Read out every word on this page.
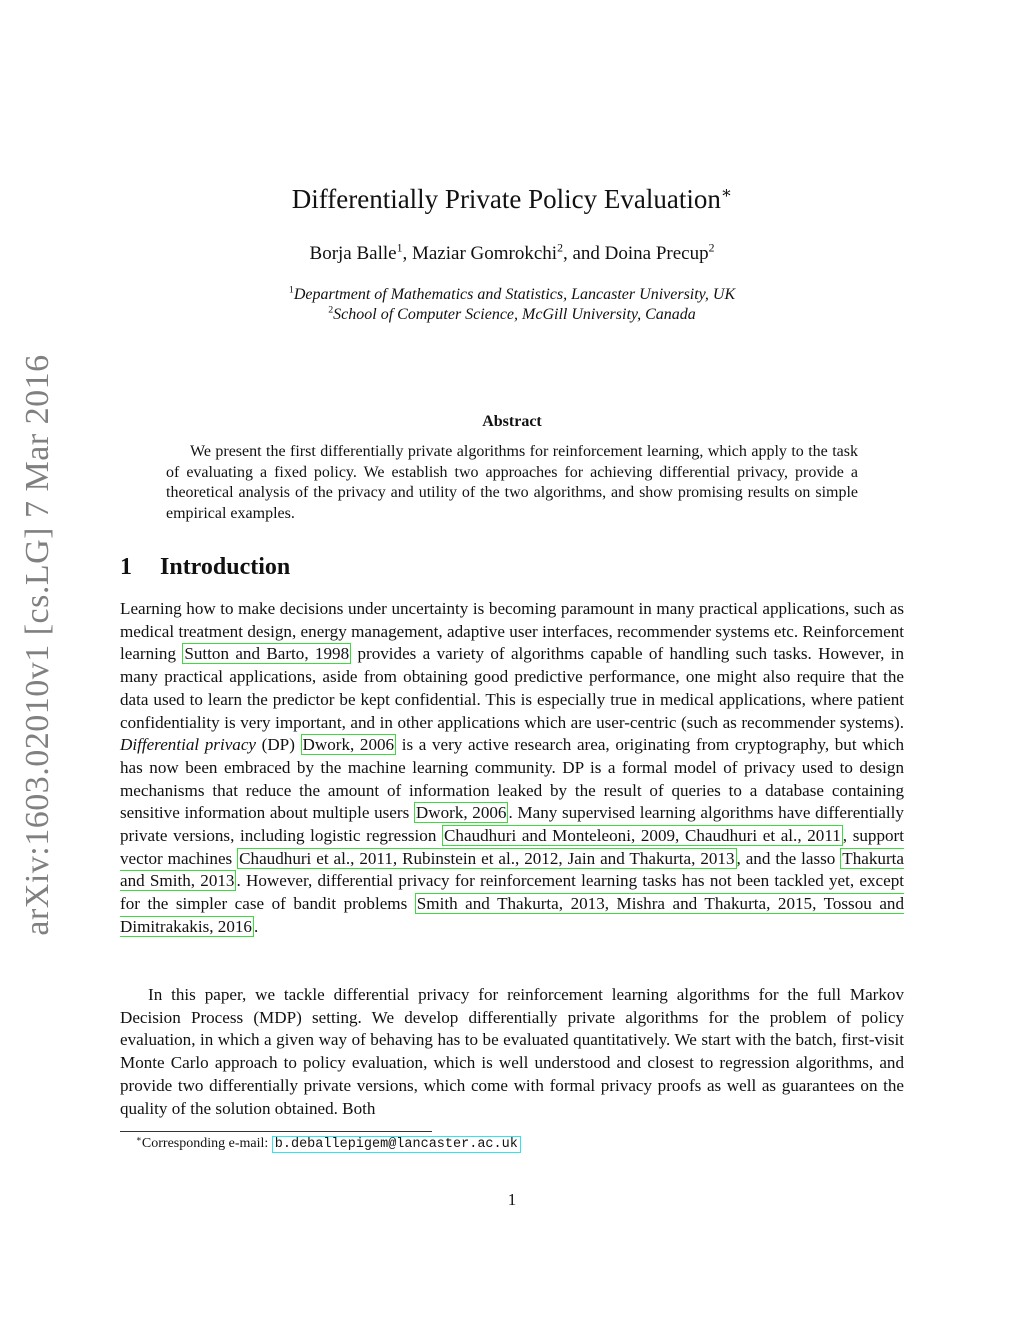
arXiv:1603.02010v1 [cs.LG] 7 Mar 2016
Differentially Private Policy Evaluation∗
Borja Balle$^1$, Maziar Gomrokchi$^2$, and Doina Precup$^2$
$^1$Department of Mathematics and Statistics, Lancaster University, UK
$^2$School of Computer Science, McGill University, Canada
Abstract
We present the first differentially private algorithms for reinforcement learning, which apply to the task of evaluating a fixed policy. We establish two approaches for achieving differential privacy, provide a theoretical analysis of the privacy and utility of the two algorithms, and show promising results on simple empirical examples.
1 Introduction

Learning how to make decisions under uncertainty is becoming paramount in many practical applications, such as medical treatment design, energy management, adaptive user interfaces, recommender systems etc. Reinforcement learning Sutton and Barto, 1998 provides a variety of algorithms capable of handling such tasks. However, in many practical applications, aside from obtaining good predictive performance, one might also require that the data used to learn the predictor be kept confidential. This is especially true in medical applications, where patient confidentiality is very important, and in other applications which are user-centric (such as recommender systems). Differential privacy (DP) Dwork, 2006 is a very active research area, originating from cryptography, but which has now been embraced by the machine learning community. DP is a formal model of privacy used to design mechanisms that reduce the amount of information leaked by the result of queries to a database containing sensitive information about multiple users Dwork, 2006 . Many supervised learning algorithms have differentially private versions, including logistic regression Chaudhuri and Monteleoni, 2009, Chaudhuri et al., 2011 , support vector machines Chaudhuri et al., 2011, Rubinstein et al., 2012, Jain and Thakurta, 2013 , and the lasso Thakurta and Smith, 2013 . However, differential privacy for reinforcement learning tasks has not been tackled yet, except for the simpler case of bandit problems Smith and Thakurta, 2013, Mishra and Thakurta, 2015, Tossou and Dimitrakakis, 2016 .

In this paper, we tackle differential privacy for reinforcement learning algorithms for the full Markov Decision Process (MDP) setting. We develop differentially private algorithms for the problem of policy evaluation, in which a given way of behaving has to be evaluated quantitatively. We start with the batch, first-visit Monte Carlo approach to policy evaluation, which is well understood and closest to regression algorithms, and provide two differentially private versions, which come with formal privacy proofs as well as guarantees on the quality of the solution obtained. Both

∗Corresponding e-mail: b.deballepigem@lancaster.ac.uk
1
